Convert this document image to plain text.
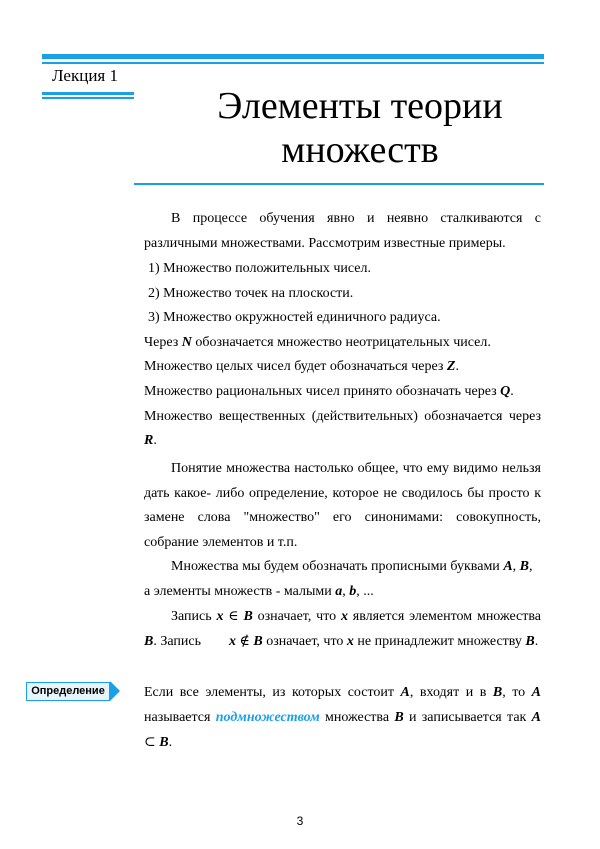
Лекция 1
Элементы теории
множеств
В процессе обучения явно и неявно сталкиваются с
различными множествами. Рассмотрим известные примеры.
1) Множество положительных чисел.
2) Множество точек на плоскости.
3) Множество окружностей единичного радиуса.
Через N обозначается множество неотрицательных чисел.
Множество целых чисел будет обозначаться через Z.
Множество рациональных чисел принято обозначать через Q.
Множество вещественных (действительных) обозначается через
R.
Понятие множества настолько общее, что ему видимо нельзя
дать какое- либо определение, которое не сводилось бы просто к
замене слова "множество" его синонимами: совокупность,
собрание элементов и т.п.
Множества мы будем обозначать прописными буквами A, B,
а элементы множеств - малыми a, b, ...
Запись x ∈ B означает, что x является элементом множества
B. Запись x ∉ B означает, что x не принадлежит множеству B.
Определение	Если все элементы, из которых состоит A, входят и в B, то A
называется подмножеством множества B и записывается так A
⊂ B.
3
